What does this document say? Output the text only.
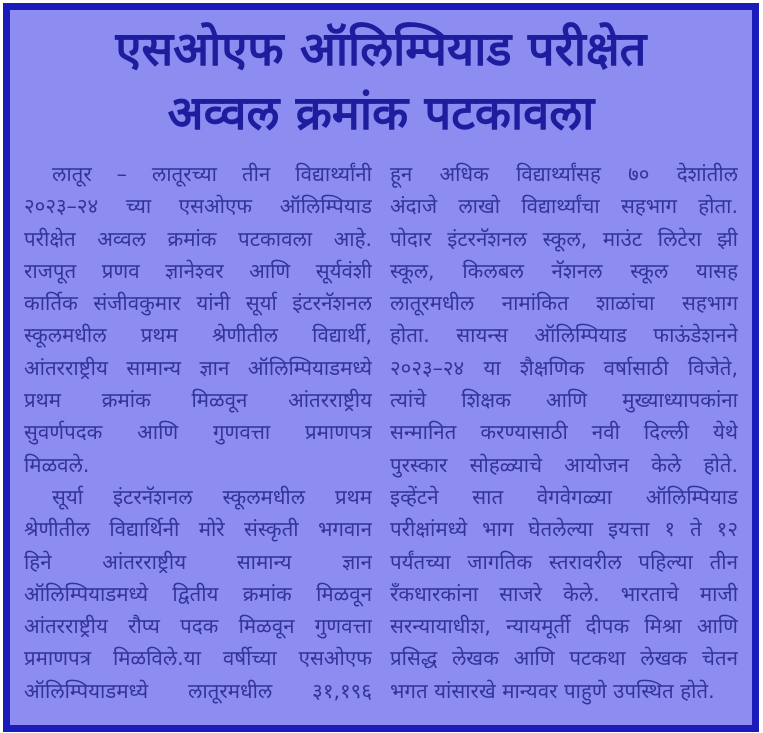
एसओएफ ऑलिम्पियाड परीक्षेत
अव्वल क्रमांक पटकावला
लातूर – लातूरच्या तीन विद्यार्थ्यांनी
२०२३–२४ च्या एसओएफ ऑलिम्पियाड
परीक्षेत अव्वल क्रमांक पटकावला आहे.
राजपूत प्रणव ज्ञानेश्वर आणि सूर्यवंशी
कार्तिक संजीवकुमार यांनी सूर्या इंटरनॅशनल
स्कूलमधील प्रथम श्रेणीतील विद्यार्थी,
आंतरराष्ट्रीय सामान्य ज्ञान ऑलिम्पियाडमध्ये
प्रथम क्रमांक मिळवून आंतरराष्ट्रीय
सुवर्णपदक आणि गुणवत्ता प्रमाणपत्र
मिळवले.
सूर्या इंटरनॅशनल स्कूलमधील प्रथम
श्रेणीतील विद्यार्थिनी मोरे संस्कृती भगवान
हिने आंतरराष्ट्रीय सामान्य ज्ञान
ऑलिम्पियाडमध्ये द्वितीय क्रमांक मिळवून
आंतरराष्ट्रीय रौप्य पदक मिळवून गुणवत्ता
प्रमाणपत्र मिळविले.या वर्षीच्या एसओएफ
ऑलिम्पियाडमध्ये लातूरमधील ३१,१९६
हून अधिक विद्यार्थ्यांसह ७० देशांतील
अंदाजे लाखो विद्यार्थ्यांचा सहभाग होता.
पोदार इंटरनॅशनल स्कूल, माउंट लिटेरा झी
स्कूल, किलबल नॅशनल स्कूल यासह
लातूरमधील नामांकित शाळांचा सहभाग
होता. सायन्स ऑलिम्पियाड फाऊंडेशनने
२०२३–२४ या शैक्षणिक वर्षासाठी विजेते,
त्यांचे शिक्षक आणि मुख्याध्यापकांना
सन्मानित करण्यासाठी नवी दिल्ली येथे
पुरस्कार सोहळ्याचे आयोजन केले होते.
इव्हेंटने सात वेगवेगळ्या ऑलिम्पियाड
परीक्षांमध्ये भाग घेतलेल्या इयत्ता १ ते १२
पर्यंतच्या जागतिक स्तरावरील पहिल्या तीन
रँकधारकांना साजरे केले. भारताचे माजी
सरन्यायाधीश, न्यायमूर्ती दीपक मिश्रा आणि
प्रसिद्ध लेखक आणि पटकथा लेखक चेतन
भगत यांसारखे मान्यवर पाहुणे उपस्थित होते.
